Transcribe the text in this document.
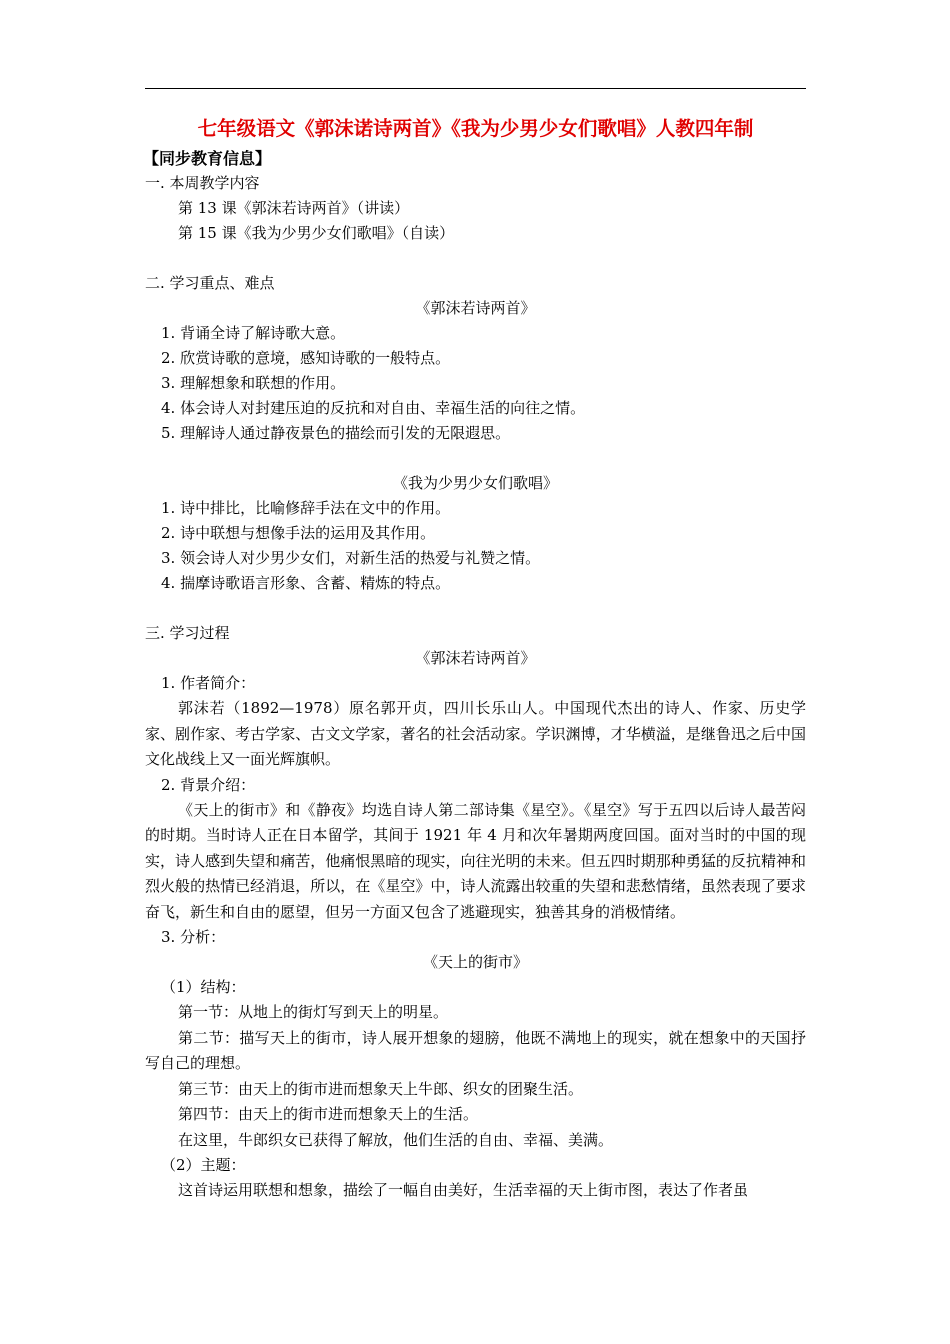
七年级语文《郭沫诺诗两首》《我为少男少女们歌唱》人教四年制
【同步教育信息】
一. 本周教学内容
第 13 课《郭沫若诗两首》（讲读）
第 15 课《我为少男少女们歌唱》（自读）
二. 学习重点、难点
《郭沫若诗两首》
1. 背诵全诗了解诗歌大意。
2. 欣赏诗歌的意境，感知诗歌的一般特点。
3. 理解想象和联想的作用。
4. 体会诗人对封建压迫的反抗和对自由、幸福生活的向往之情。
5. 理解诗人通过静夜景色的描绘而引发的无限遐思。
《我为少男少女们歌唱》
1. 诗中排比，比喻修辞手法在文中的作用。
2. 诗中联想与想像手法的运用及其作用。
3. 领会诗人对少男少女们，对新生活的热爱与礼赞之情。
4. 揣摩诗歌语言形象、含蓄、精炼的特点。
三. 学习过程
《郭沫若诗两首》
1. 作者简介：
郭沫若（1892—1978）原名郭开贞，四川长乐山人。中国现代杰出的诗人、作家、历史学家、剧作家、考古学家、古文文学家，著名的社会活动家。学识渊博，才华横溢，是继鲁迅之后中国文化战线上又一面光辉旗帜。
2. 背景介绍：
《天上的街市》和《静夜》均选自诗人第二部诗集《星空》。《星空》写于五四以后诗人最苦闷的时期。当时诗人正在日本留学，其间于 1921 年 4 月和次年暑期两度回国。面对当时的中国的现实，诗人感到失望和痛苦，他痛恨黑暗的现实，向往光明的未来。但五四时期那种勇猛的反抗精神和烈火般的热情已经消退，所以，在《星空》中，诗人流露出较重的失望和悲愁情绪，虽然表现了要求奋飞，新生和自由的愿望，但另一方面又包含了逃避现实，独善其身的消极情绪。
3. 分析：
《天上的街市》
（1）结构：
第一节：从地上的街灯写到天上的明星。
第二节：描写天上的街市，诗人展开想象的翅膀，他既不满地上的现实，就在想象中的天国抒写自己的理想。
第三节：由天上的街市进而想象天上牛郎、织女的团聚生活。
第四节：由天上的街市进而想象天上的生活。
在这里，牛郎织女已获得了解放，他们生活的自由、幸福、美满。
（2）主题：
这首诗运用联想和想象，描绘了一幅自由美好，生活幸福的天上街市图，表达了作者虽
